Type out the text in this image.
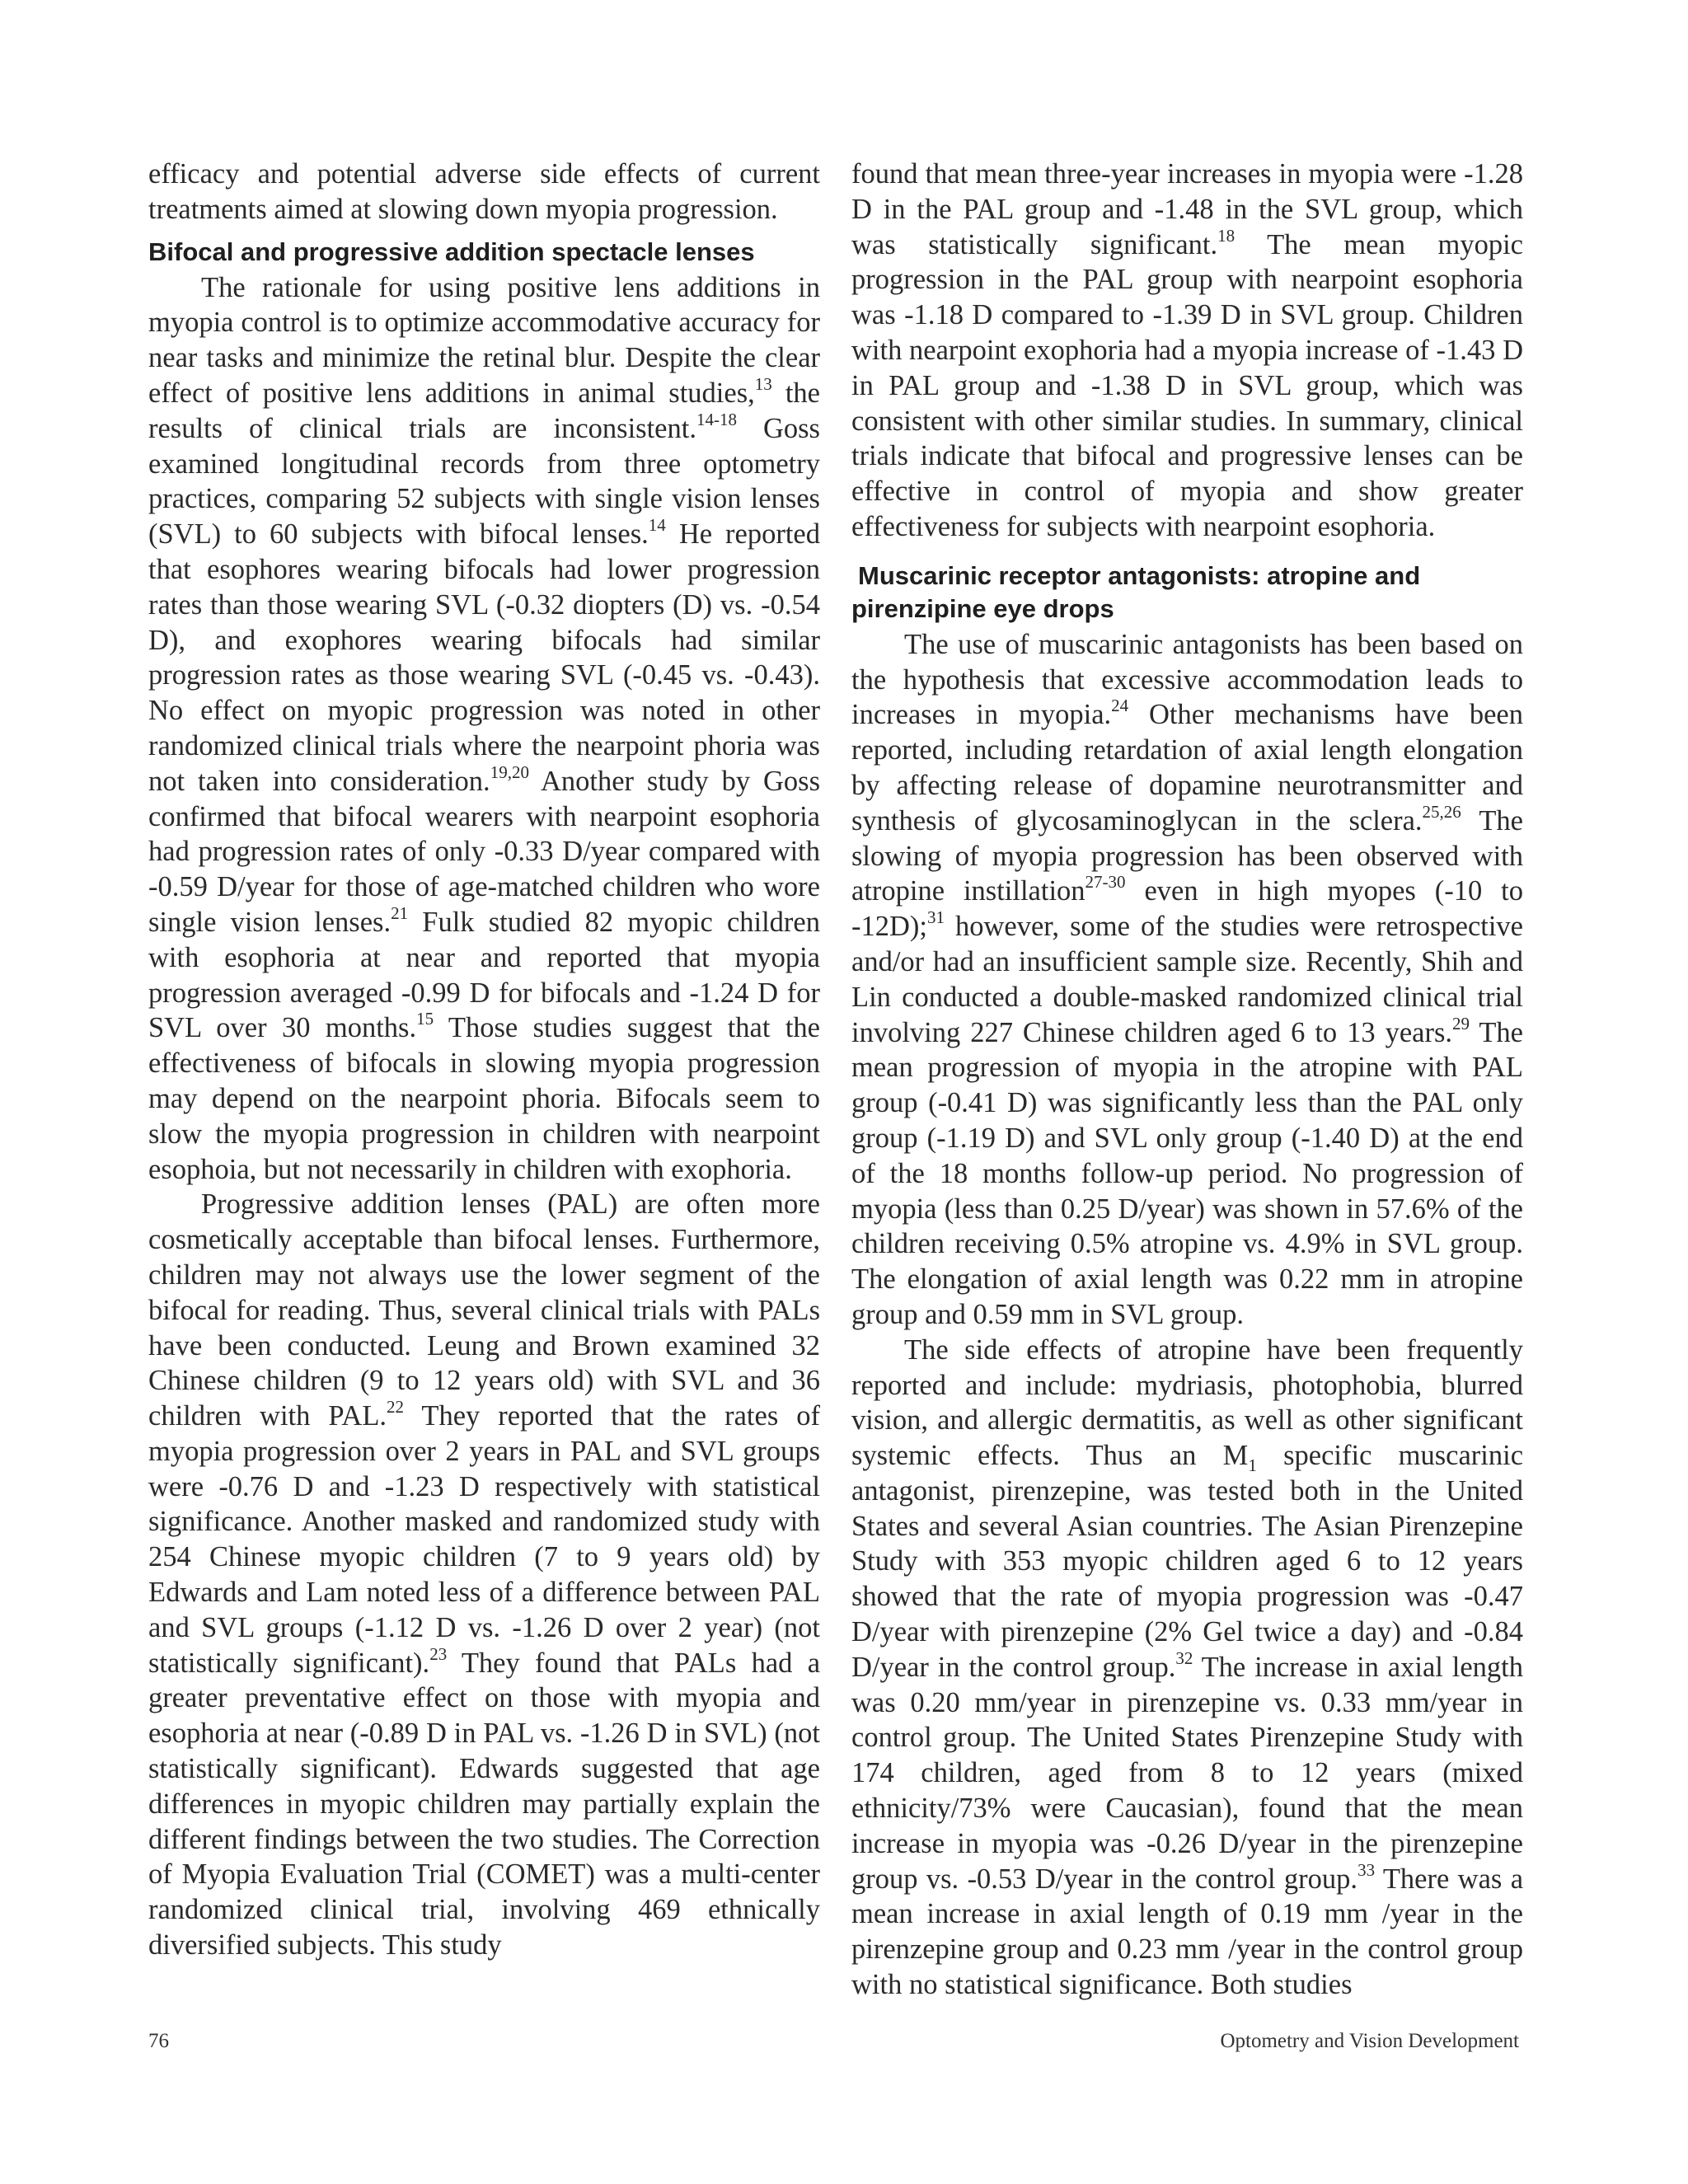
efficacy and potential adverse side effects of current treatments aimed at slowing down myopia progression.

Bifocal and progressive addition spectacle lenses

The rationale for using positive lens additions in myopia control is to optimize accommodative accuracy for near tasks and minimize the retinal blur. Despite the clear effect of positive lens additions in animal studies,$^{13}$ the results of clinical trials are inconsistent.$^{14-18}$ Goss examined longitudinal records from three optometry practices, comparing 52 subjects with single vision lenses (SVL) to 60 subjects with bifocal lenses.$^{14}$ He reported that esophores wearing bifocals had lower progression rates than those wearing SVL (-0.32 diopters (D) vs. -0.54 D), and exophores wearing bifocals had similar progression rates as those wearing SVL (-0.45 vs. -0.43). No effect on myopic progression was noted in other randomized clinical trials where the nearpoint phoria was not taken into consideration.$^{19,20}$ Another study by Goss confirmed that bifocal wearers with nearpoint esophoria had progression rates of only -0.33 D/year compared with -0.59 D/year for those of age-matched children who wore single vision lenses.$^{21}$ Fulk studied 82 myopic children with esophoria at near and reported that myopia progression averaged -0.99 D for bifocals and -1.24 D for SVL over 30 months.$^{15}$ Those studies suggest that the effectiveness of bifocals in slowing myopia progression may depend on the nearpoint phoria. Bifocals seem to slow the myopia progression in children with nearpoint esophoia, but not necessarily in children with exophoria.

Progressive addition lenses (PAL) are often more cosmetically acceptable than bifocal lenses. Furthermore, children may not always use the lower segment of the bifocal for reading. Thus, several clinical trials with PALs have been conducted. Leung and Brown examined 32 Chinese children (9 to 12 years old) with SVL and 36 children with PAL.$^{22}$ They reported that the rates of myopia progression over 2 years in PAL and SVL groups were -0.76 D and -1.23 D respectively with statistical significance. Another masked and randomized study with 254 Chinese myopic children (7 to 9 years old) by Edwards and Lam noted less of a difference between PAL and SVL groups (-1.12 D vs. -1.26 D over 2 year) (not statistically significant).$^{23}$ They found that PALs had a greater preventative effect on those with myopia and esophoria at near (-0.89 D in PAL vs. -1.26 D in SVL) (not statistically significant). Edwards suggested that age differences in myopic children may partially explain the different findings between the two studies. The Correction of Myopia Evaluation Trial (COMET) was a multi-center randomized clinical trial, involving 469 ethnically diversified subjects. This study

found that mean three-year increases in myopia were -1.28 D in the PAL group and -1.48 in the SVL group, which was statistically significant.$^{18}$ The mean myopic progression in the PAL group with nearpoint esophoria was -1.18 D compared to -1.39 D in SVL group. Children with nearpoint exophoria had a myopia increase of -1.43 D in PAL group and -1.38 D in SVL group, which was consistent with other similar studies. In summary, clinical trials indicate that bifocal and progressive lenses can be effective in control of myopia and show greater effectiveness for subjects with nearpoint esophoria.

Muscarinic receptor antagonists: atropine and pirenzipine eye drops

The use of muscarinic antagonists has been based on the hypothesis that excessive accommodation leads to increases in myopia.$^{24}$ Other mechanisms have been reported, including retardation of axial length elongation by affecting release of dopamine neurotransmitter and synthesis of glycosaminoglycan in the sclera.$^{25,26}$ The slowing of myopia progression has been observed with atropine instillation$^{27-30}$ even in high myopes (-10 to -12D);$^{31}$ however, some of the studies were retrospective and/or had an insufficient sample size. Recently, Shih and Lin conducted a double-masked randomized clinical trial involving 227 Chinese children aged 6 to 13 years.$^{29}$ The mean progression of myopia in the atropine with PAL group (-0.41 D) was significantly less than the PAL only group (-1.19 D) and SVL only group (-1.40 D) at the end of the 18 months follow-up period. No progression of myopia (less than 0.25 D/year) was shown in 57.6% of the children receiving 0.5% atropine vs. 4.9% in SVL group. The elongation of axial length was 0.22 mm in atropine group and 0.59 mm in SVL group.

The side effects of atropine have been frequently reported and include: mydriasis, photophobia, blurred vision, and allergic dermatitis, as well as other significant systemic effects. Thus an $M_1$ specific muscarinic antagonist, pirenzepine, was tested both in the United States and several Asian countries. The Asian Pirenzepine Study with 353 myopic children aged 6 to 12 years showed that the rate of myopia progression was -0.47 D/year with pirenzepine (2% Gel twice a day) and -0.84 D/year in the control group.$^{32}$ The increase in axial length was 0.20 mm/year in pirenzepine vs. 0.33 mm/year in control group. The United States Pirenzepine Study with 174 children, aged from 8 to 12 years (mixed ethnicity/73% were Caucasian), found that the mean increase in myopia was -0.26 D/year in the pirenzepine group vs. -0.53 D/year in the control group.$^{33}$ There was a mean increase in axial length of 0.19 mm /year in the pirenzepine group and 0.23 mm /year in the control group with no statistical significance. Both studies

76	Optometry and Vision Development
